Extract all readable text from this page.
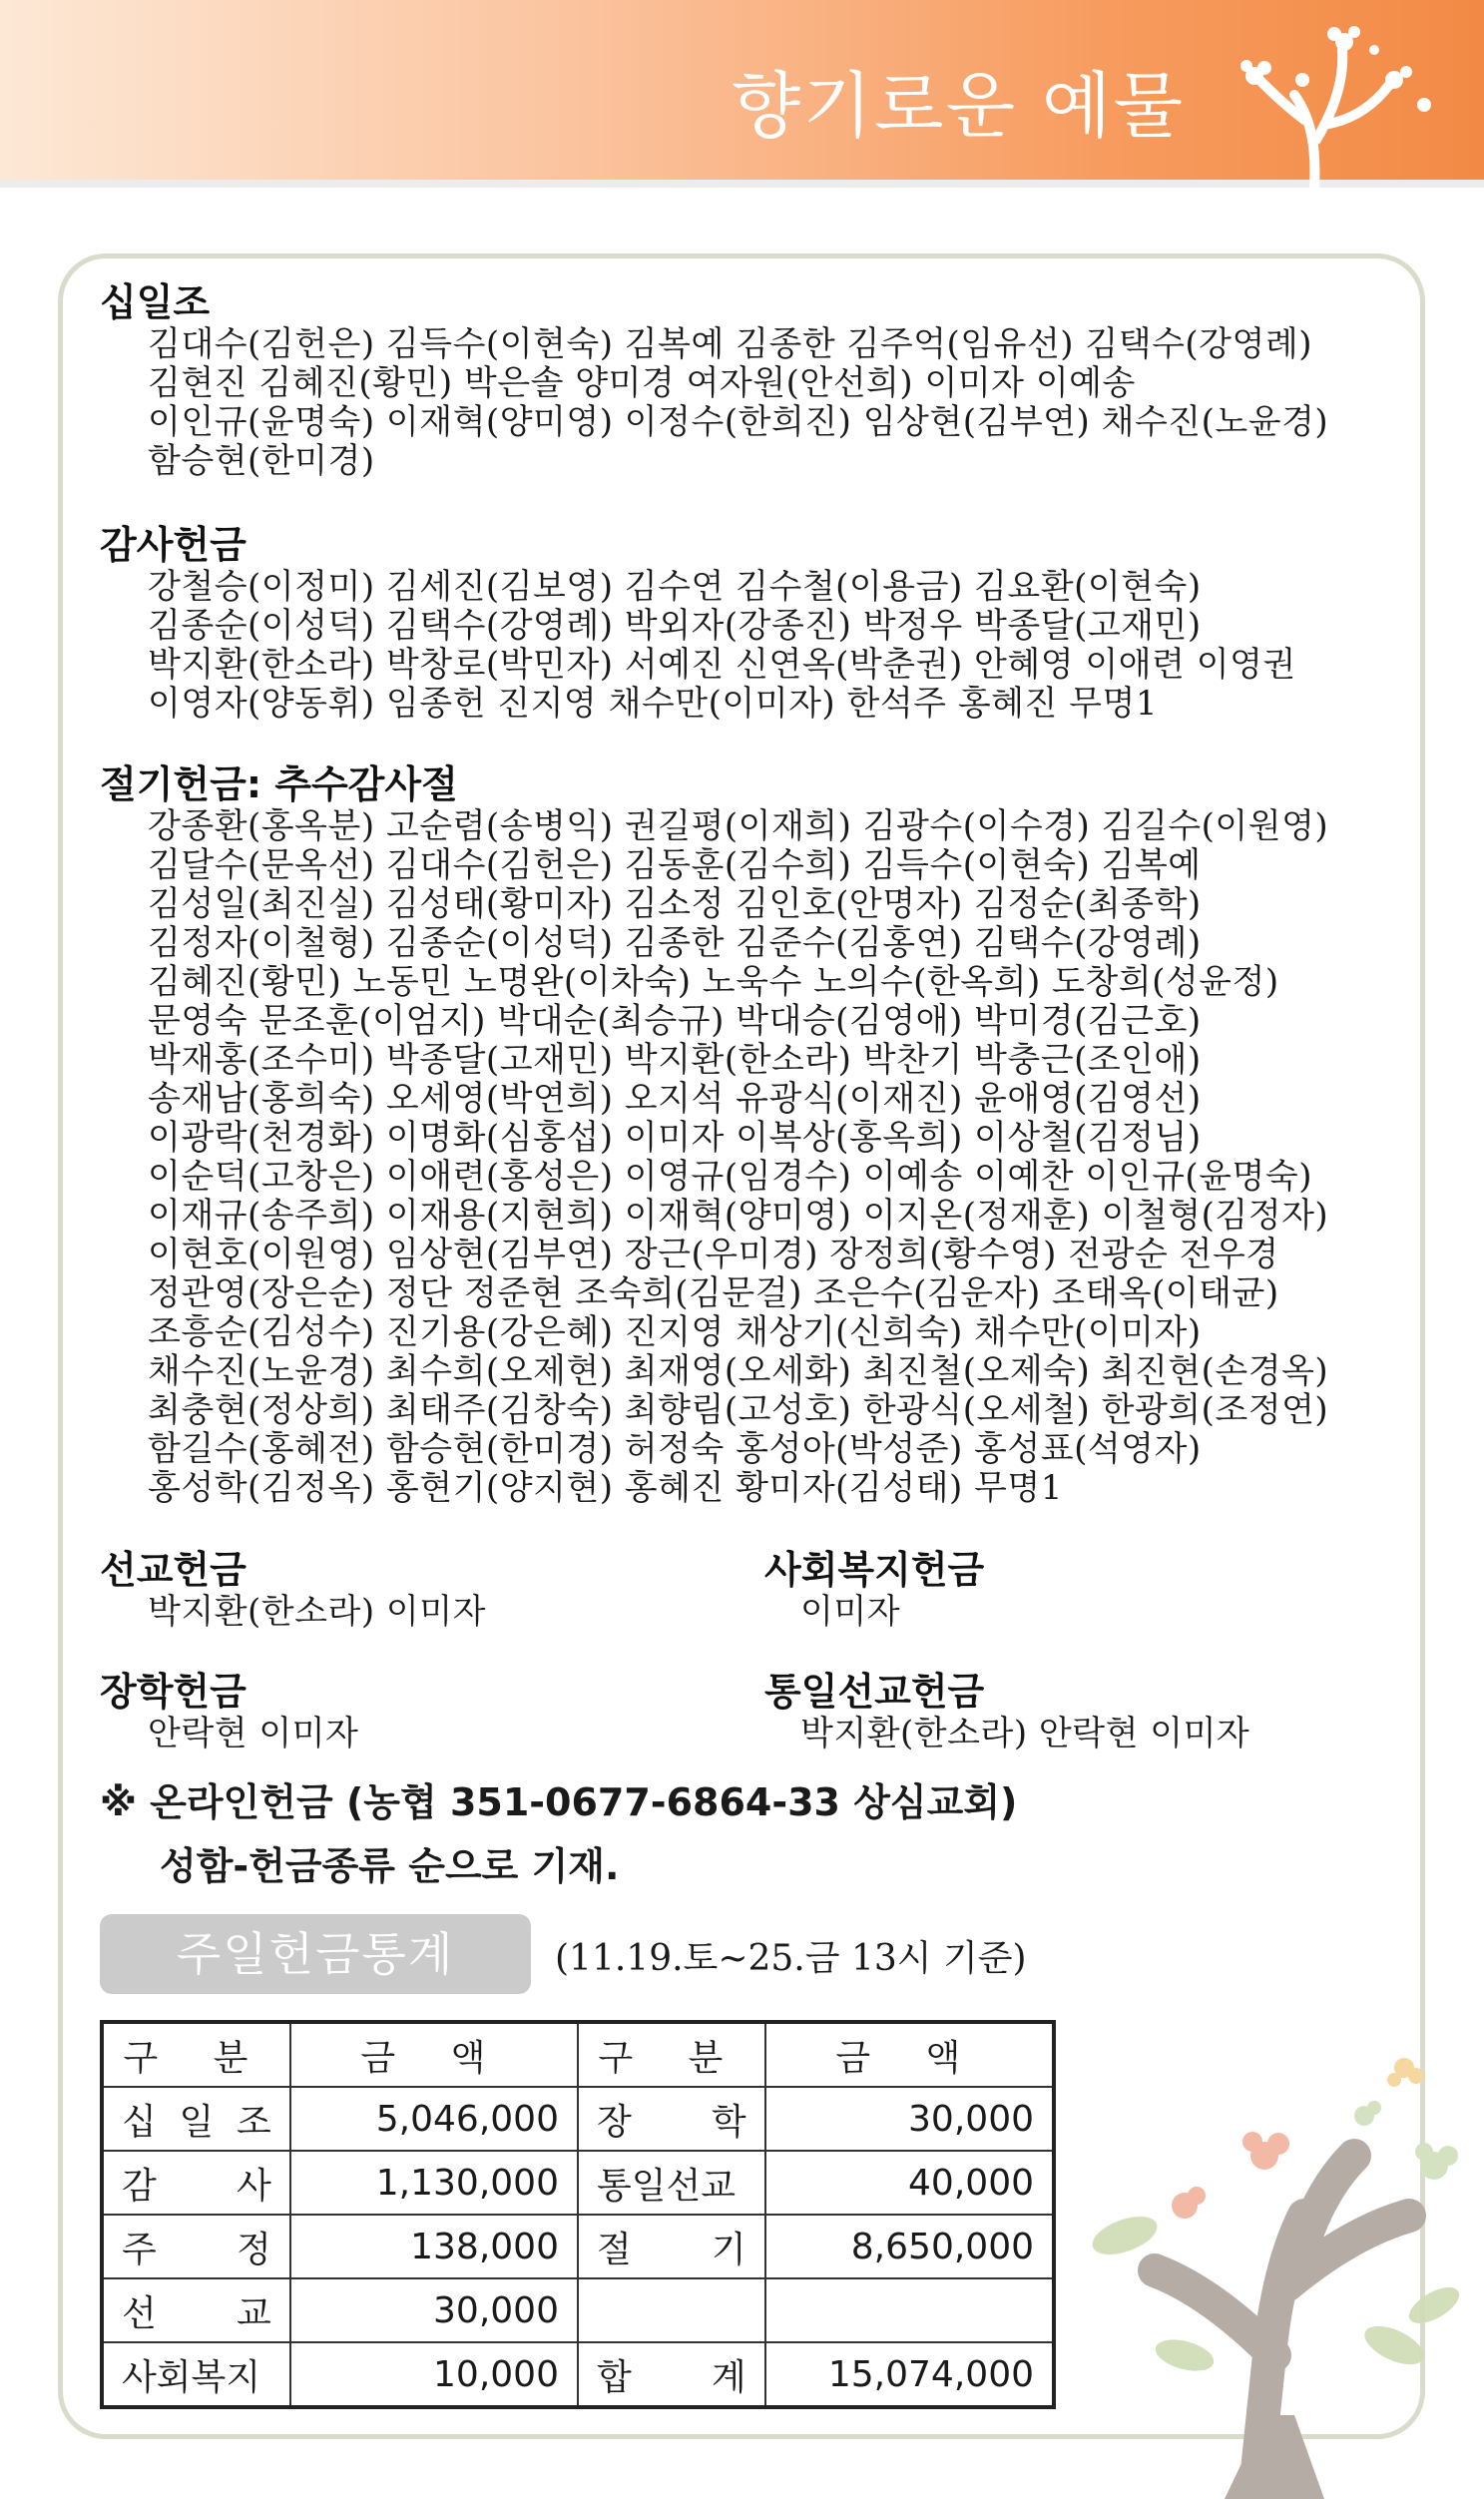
향기로운 예물
십일조
김대수(김헌은) 김득수(이현숙) 김복예 김종한 김주억(임유선) 김택수(강영례)
김현진 김혜진(황민) 박은솔 양미경 여자원(안선희) 이미자 이예송
이인규(윤명숙) 이재혁(양미영) 이정수(한희진) 임상현(김부연) 채수진(노윤경)
함승현(한미경)
감사헌금
강철승(이정미) 김세진(김보영) 김수연 김수철(이용금) 김요환(이현숙)
김종순(이성덕) 김택수(강영례) 박외자(강종진) 박정우 박종달(고재민)
박지환(한소라) 박창로(박민자) 서예진 신연옥(박춘권) 안혜영 이애련 이영권
이영자(양동휘) 임종헌 진지영 채수만(이미자) 한석주 홍혜진 무명1
절기헌금: 추수감사절
강종환(홍옥분) 고순렴(송병익) 권길평(이재희) 김광수(이수경) 김길수(이원영)
김달수(문옥선) 김대수(김헌은) 김동훈(김수희) 김득수(이현숙) 김복예
김성일(최진실) 김성태(황미자) 김소정 김인호(안명자) 김정순(최종학)
김정자(이철형) 김종순(이성덕) 김종한 김준수(김홍연) 김택수(강영례)
김혜진(황민) 노동민 노명완(이차숙) 노욱수 노의수(한옥희) 도창희(성윤정)
문영숙 문조훈(이엄지) 박대순(최승규) 박대승(김영애) 박미경(김근호)
박재홍(조수미) 박종달(고재민) 박지환(한소라) 박찬기 박충근(조인애)
송재남(홍희숙) 오세영(박연희) 오지석 유광식(이재진) 윤애영(김영선)
이광락(천경화) 이명화(심홍섭) 이미자 이복상(홍옥희) 이상철(김정님)
이순덕(고창은) 이애련(홍성은) 이영규(임경수) 이예송 이예찬 이인규(윤명숙)
이재규(송주희) 이재용(지현희) 이재혁(양미영) 이지온(정재훈) 이철형(김정자)
이현호(이원영) 임상현(김부연) 장근(우미경) 장정희(황수영) 전광순 전우경
정관영(장은순) 정단 정준현 조숙희(김문걸) 조은수(김운자) 조태옥(이태균)
조흥순(김성수) 진기용(강은혜) 진지영 채상기(신희숙) 채수만(이미자)
채수진(노윤경) 최수희(오제현) 최재영(오세화) 최진철(오제숙) 최진현(손경옥)
최충현(정상희) 최태주(김창숙) 최향림(고성호) 한광식(오세철) 한광희(조정연)
함길수(홍혜전) 함승현(한미경) 허정숙 홍성아(박성준) 홍성표(석영자)
홍성학(김정옥) 홍현기(양지현) 홍혜진 황미자(김성태) 무명1
선교헌금
박지환(한소라) 이미자
사회복지헌금
이미자
장학헌금
안락현 이미자
통일선교헌금
박지환(한소라) 안락현 이미자
※ 온라인헌금 (농협 351-0677-6864-33 상심교회)
성함-헌금종류 순으로 기재.
주일헌금통계	(11.19.토~25.금 13시 기준)
구 분	금 액	구 분	금 액
십 일 조	5,046,000	장 학	30,000
감 사	1,130,000	통일선교	40,000
주 정	138,000	절 기	8,650,000
선 교	30,000		
사회복지	10,000	합 계	15,074,000
